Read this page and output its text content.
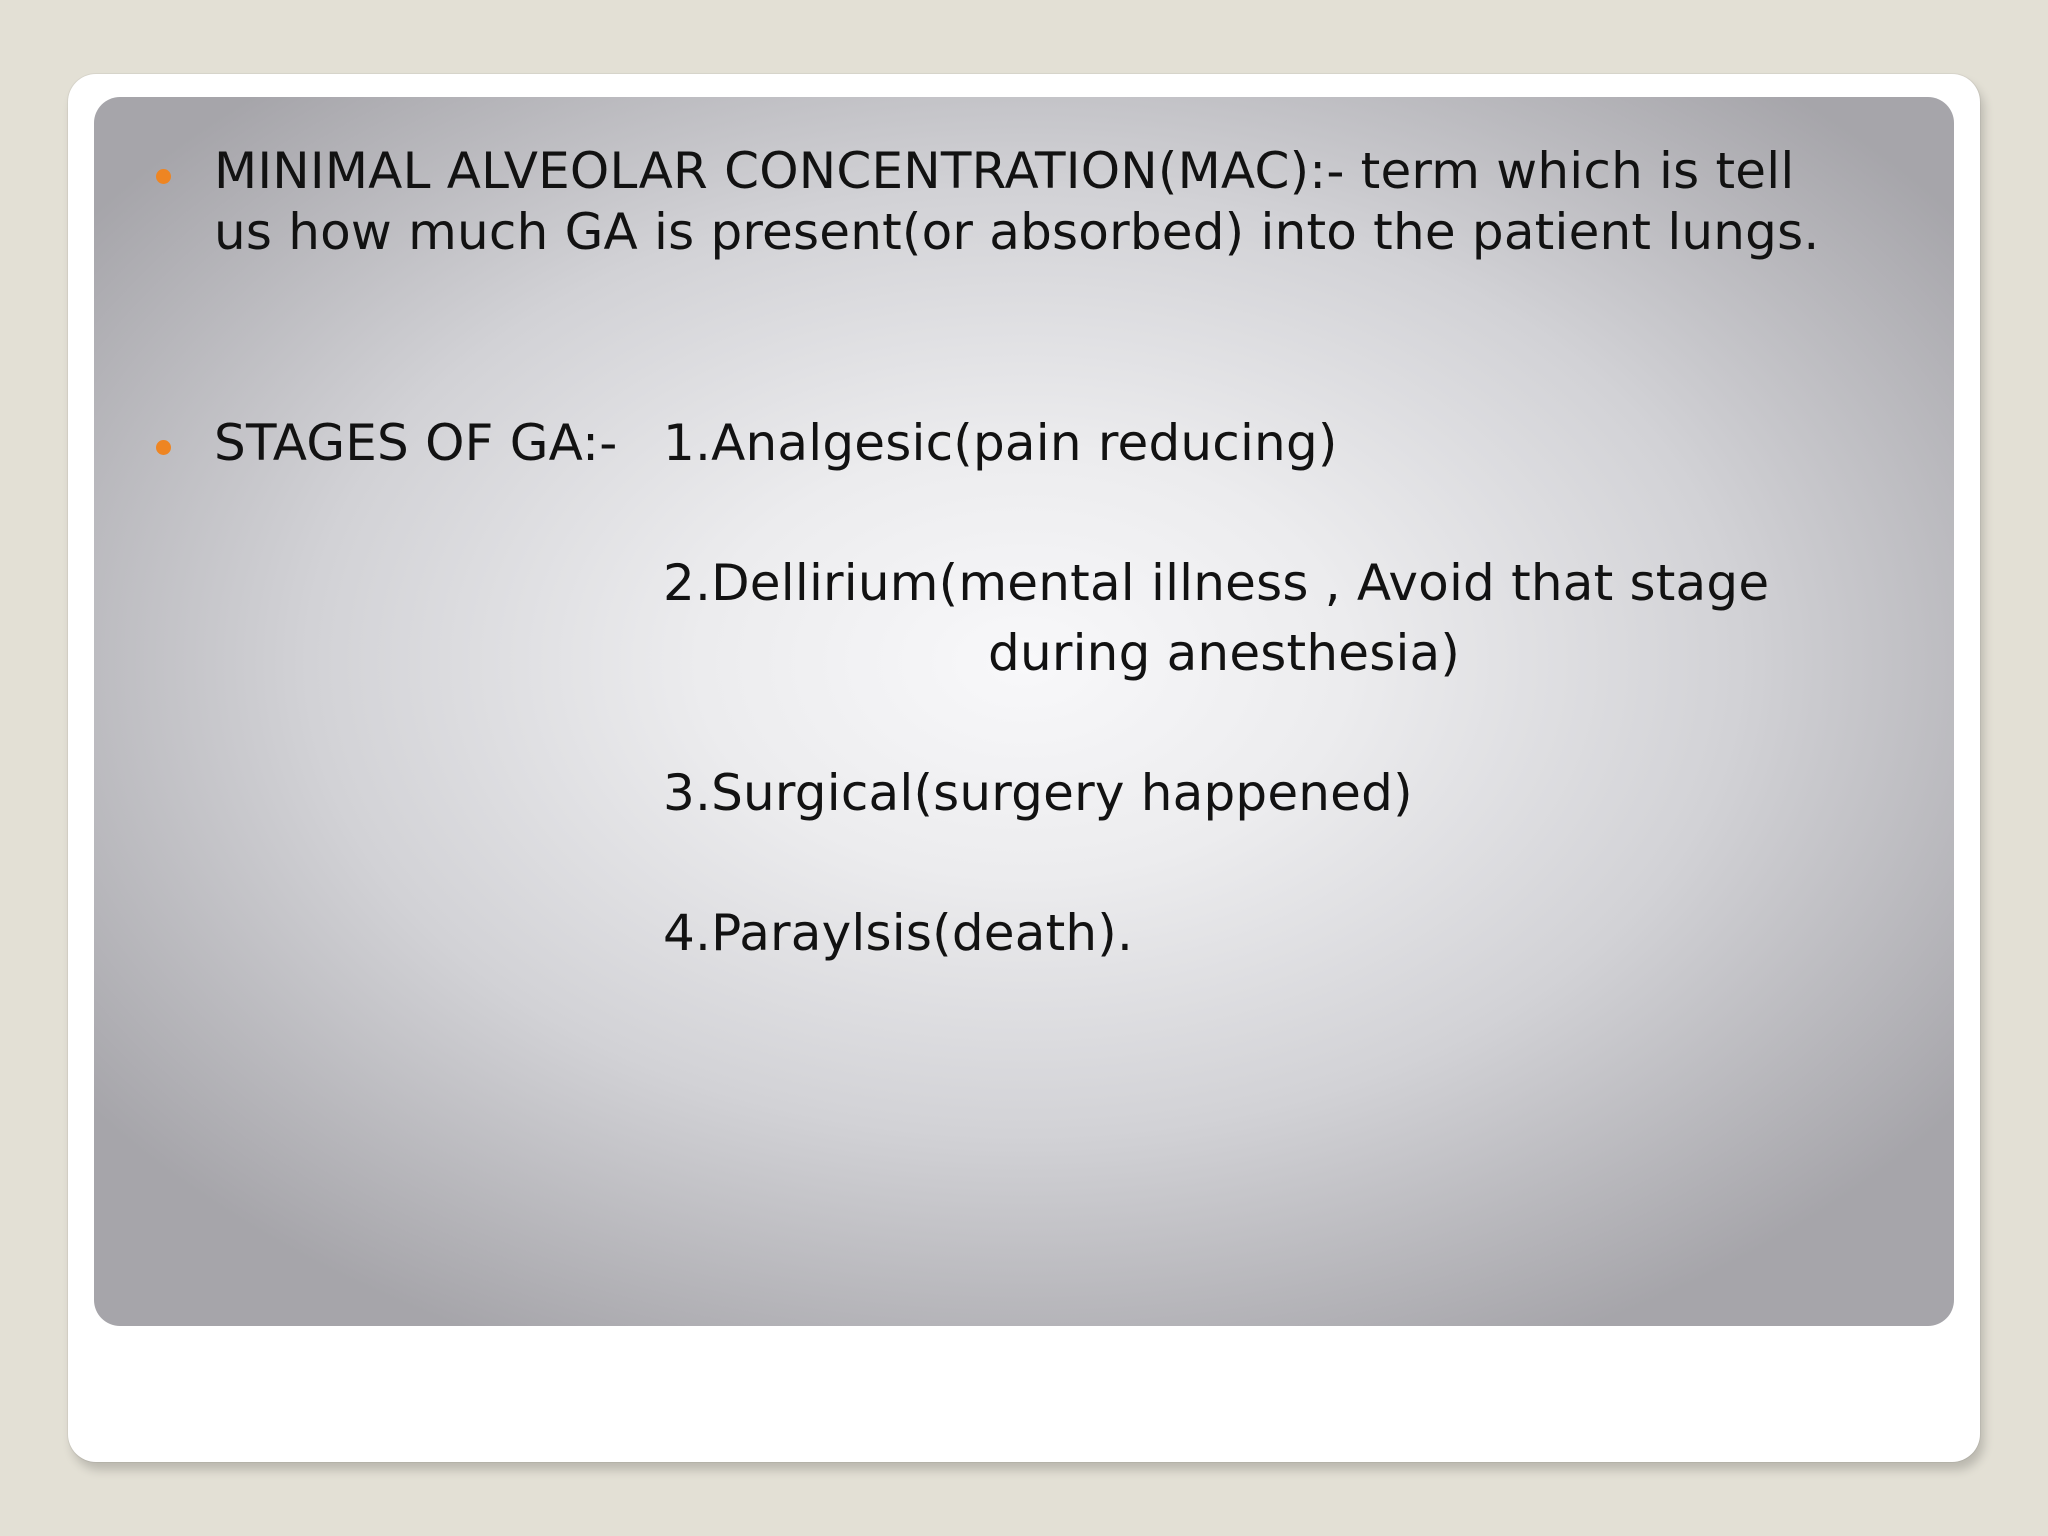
MINIMAL ALVEOLAR CONCENTRATION(MAC):- term which is tell
us how much GA is present(or absorbed) into the patient lungs.
STAGES OF GA:- 1.Analgesic(pain reducing)
2.Dellirium(mental illness , Avoid that stage
during anesthesia)
3.Surgical(surgery happened)
4.Paraylsis(death).
